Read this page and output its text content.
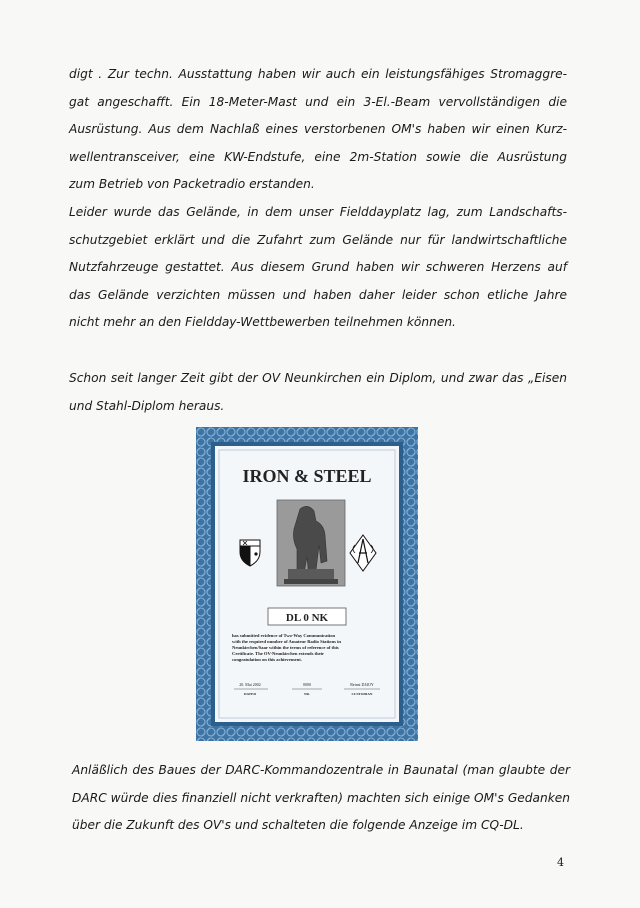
digt . Zur techn. Ausstattung haben wir auch ein leistungsfähiges Stromaggre-
gat angeschafft. Ein 18-Meter-Mast und ein 3-El.-Beam vervollständigen die
Ausrüstung. Aus dem Nachlaß eines verstorbenen OM's haben wir einen Kurz-
wellentransceiver, eine KW-Endstufe, eine 2m-Station sowie die Ausrüstung
zum Betrieb von Packetradio erstanden.
Leider wurde das Gelände, in dem unser Fielddayplatz lag, zum Landschafts-
schutzgebiet erklärt und die Zufahrt zum Gelände nur für landwirtschaftliche
Nutzfahrzeuge gestattet. Aus diesem Grund haben wir schweren Herzens auf
das Gelände verzichten müssen und haben daher leider schon etliche Jahre
nicht mehr an den Fieldday-Wettbewerben teilnehmen können.
Schon seit langer Zeit gibt der OV Neunkirchen ein Diplom, und zwar das „Eisen
und Stahl-Diplom heraus.
IRON & STEEL
DL 0 NK
has submitted evidence of Two-Way Communication
with the required number of Amateur Radio Stations in
Neunkirchen/Saar within the terms of reference of this
Certificate. The OV-Neunkirchen extends their
congratulation on this achievement.
20. Mai 2002	0000	Reinst DJ4OY
DATED	NR.	CUSTODIAN
Anläßlich des Baues der DARC-Kommandozentrale in Baunatal (man glaubte der
DARC würde dies finanziell nicht verkraften) machten sich einige OM's Gedanken
über die Zukunft des OV's und schalteten die folgende Anzeige im CQ-DL.
4
